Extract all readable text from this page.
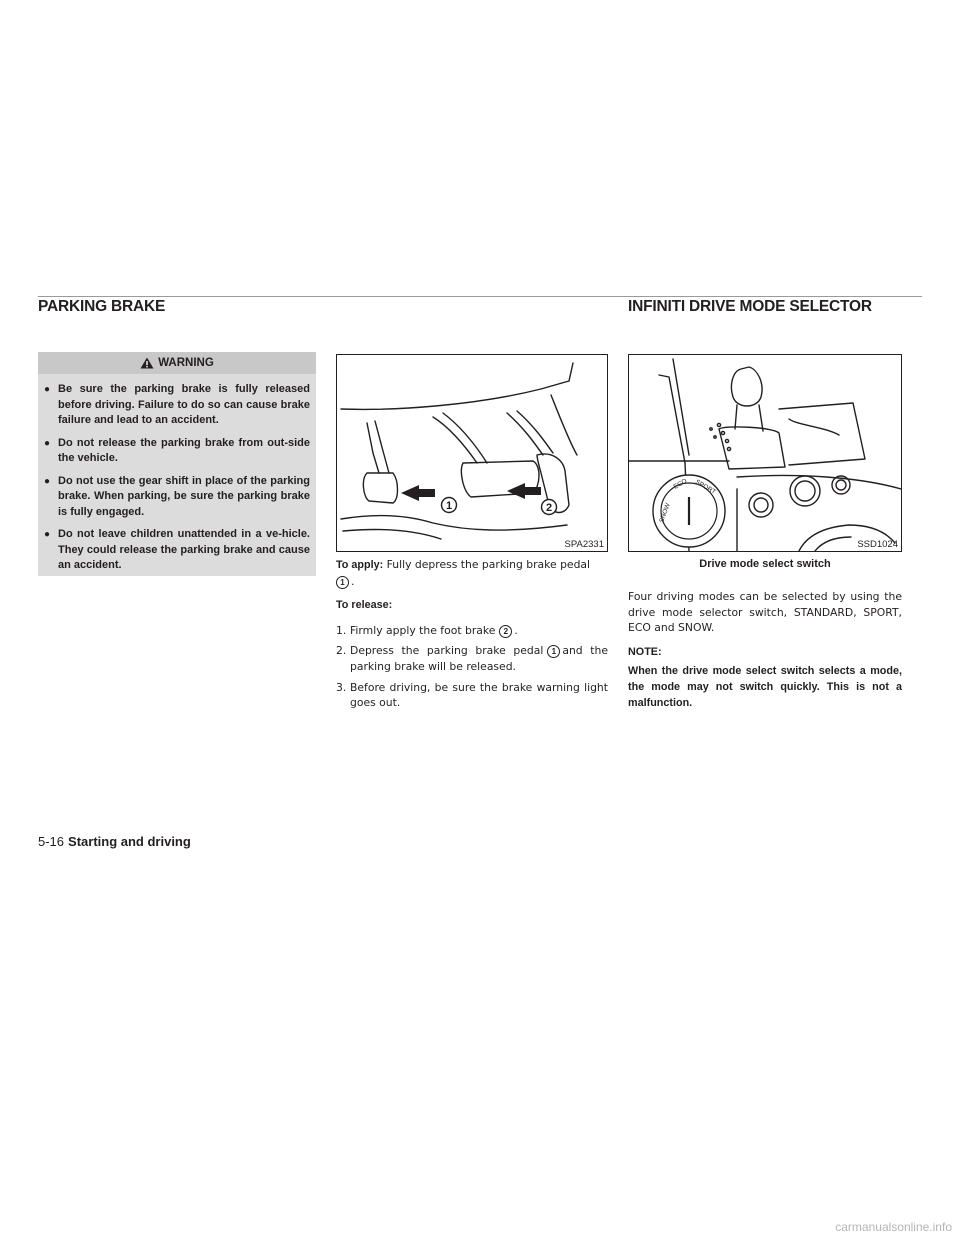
PARKING BRAKE	INFINITI DRIVE MODE SELECTOR
WARNING
● Be sure the parking brake is fully released before driving. Failure to do so can cause brake failure and lead to an accident.
● Do not release the parking brake from out-side the vehicle.
● Do not use the gear shift in place of the parking brake. When parking, be sure the parking brake is fully engaged.
● Do not leave children unattended in a ve-hicle. They could release the parking brake and cause an accident.
1	2
SPA2331
SNOW
ECO SPORT
SSD1024
Drive mode select switch

To apply: Fully depress the parking brake pedal
1 .

To release:

1. Firmly apply the foot brake 2 .
2. Depress the parking brake pedal 1 and the parking brake will be released.
3. Before driving, be sure the brake warning light goes out.

Four driving modes can be selected by using the drive mode selector switch, STANDARD, SPORT, ECO and SNOW.

NOTE:

When the drive mode select switch selects a mode, the mode may not switch quickly. This is not a malfunction.

5-16 Starting and driving
carmanualsonline.info
